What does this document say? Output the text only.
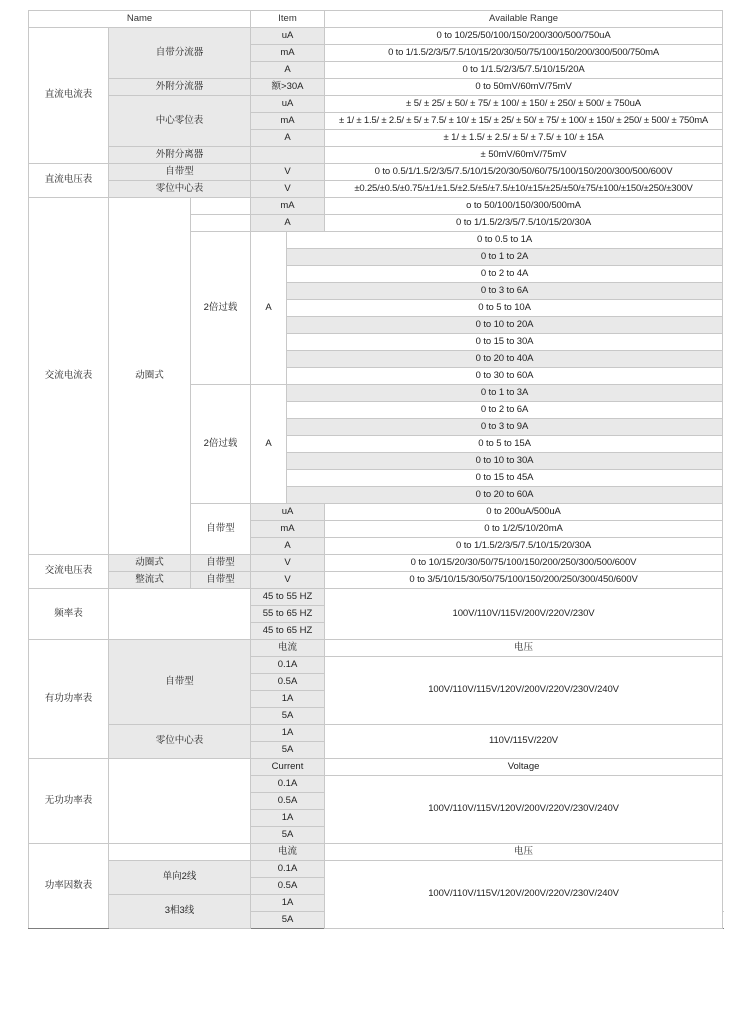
Name			Item		Available Range	
直流电流表	自带分流器		uA		0 to 10/25/50/100/150/200/300/500/750uA	
			mA		0 to 1/1.5/2/3/5/7.5/10/15/20/30/50/75/100/150/200/300/500/750mA	
			A		0 to 1/1.5/2/3/5/7.5/10/15/20A	
	外附分流器		额>30A		0 to 50mV/60mV/75mV	
	中心零位表		uA		± 5/ ± 25/ ± 50/ ± 75/ ± 100/ ± 150/ ± 250/ ± 500/ ± 750uA	
			mA		± 1/ ± 1.5/ ± 2.5/ ± 5/ ± 7.5/ ± 10/ ± 15/ ± 25/ ± 50/ ± 75/ ± 100/ ± 150/ ± 250/ ± 500/ ± 750mA	
			A		± 1/ ± 1.5/ ± 2.5/ ± 5/ ± 7.5/ ± 10/ ± 15A	
	外附分离器				± 50mV/60mV/75mV	
直流电压表	自带型		V		0 to 0.5/1/1.5/2/3/5/7.5/10/15/20/30/50/60/75/100/150/200/300/500/600V	
	零位中心表		V		±0.25/±0.5/±0.75/±1/±1.5/±2.5/±5/±7.5/±10/±15/±25/±50/±75/±100/±150/±250/±300V	
交流电流表	动圈式		mA		o to 50/100/150/300/500mA	
			A		0 to 1/1.5/2/3/5/7.5/10/15/20/30A	
		2倍过载	A	0 to 0.5 to 1A		
				0 to 1 to 2A		
				0 to 2 to 4A		
				0 to 3 to 6A		
				0 to 5 to 10A		
				0 to 10 to 20A		
				0 to 15 to 30A		
				0 to 20 to 40A		
				0 to 30 to 60A		
		2倍过载	A	0 to 1 to 3A		
				0 to 2 to 6A		
				0 to 3 to 9A		
				0 to 5 to 15A		
				0 to 10 to 30A		
				0 to 15 to 45A		
				0 to 20 to 60A		
		自带型	uA		0 to 200uA/500uA	
			mA		0 to 1/2/5/10/20mA	
			A		0 to 1/1.5/2/3/5/7.5/10/15/20/30A	
交流电压表	动圈式	自带型	V		0 to 10/15/20/30/50/75/100/150/200/250/300/500/600V	
	整流式	自带型	V		0 to 3/5/10/15/30/50/75/100/150/200/250/300/450/600V	
频率表			45 to 55 HZ		100V/110V/115V/200V/220V/230V	
			55 to 65 HZ			
			45 to 65 HZ			
有功功率表	自带型		电流		电压	
			0.1A		100V/110V/115V/120V/200V/220V/230V/240V	
			0.5A			
			1A			
			5A			
	零位中心表		1A		110V/115V/220V	
			5A			
无功功率表			Current		Voltage	
			0.1A		100V/110V/115V/120V/200V/220V/230V/240V	
			0.5A			
			1A			
			5A			
功率因数表			电流		电压	
	单向2线		0.1A		100V/110V/115V/120V/200V/220V/230V/240V	
			0.5A			
	3相3线		1A			
			5A			
